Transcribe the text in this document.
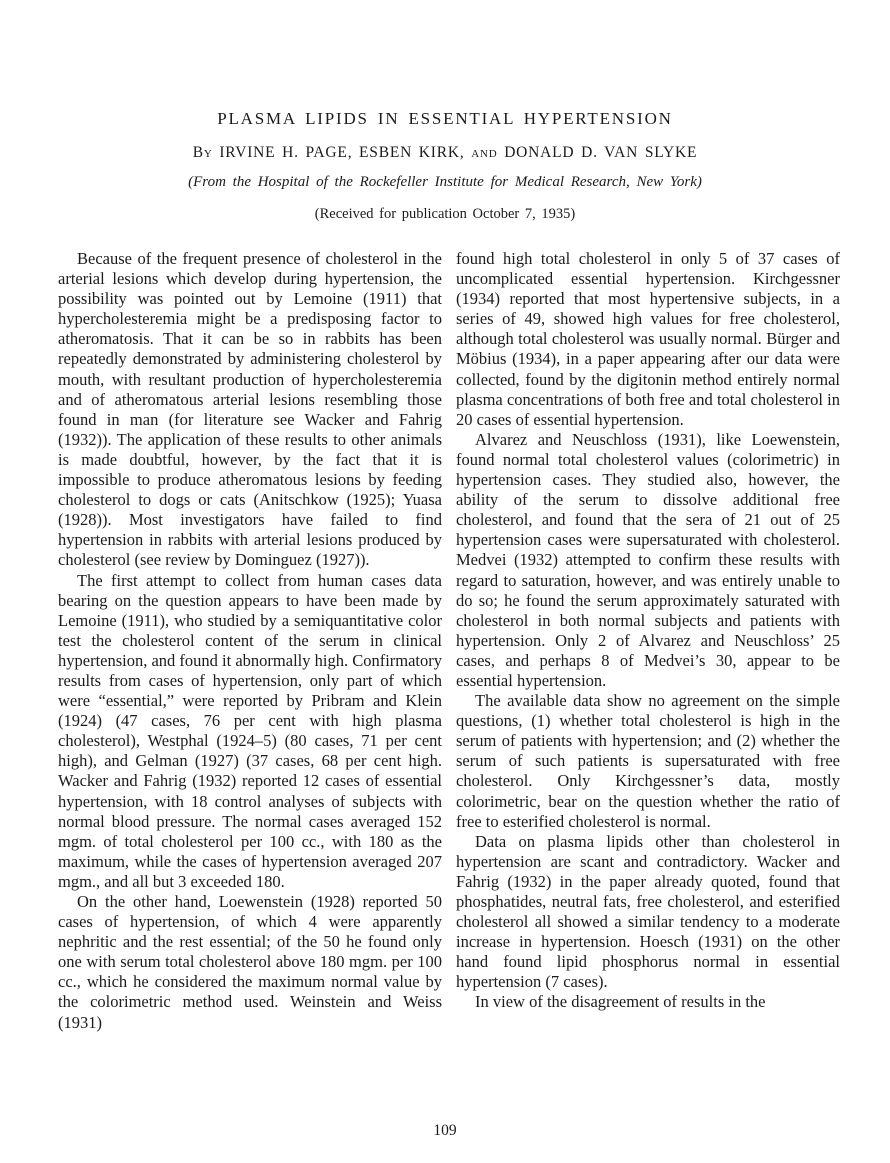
PLASMA LIPIDS IN ESSENTIAL HYPERTENSION
By IRVINE H. PAGE, ESBEN KIRK, and DONALD D. VAN SLYKE
(From the Hospital of the Rockefeller Institute for Medical Research, New York)
(Received for publication October 7, 1935)

Because of the frequent presence of cholesterol in the arterial lesions which develop during hypertension, the possibility was pointed out by Lemoine (1911) that hypercholesteremia might be a predisposing factor to atheromatosis. That it can be so in rabbits has been repeatedly demonstrated by administering cholesterol by mouth, with resultant production of hypercholesteremia and of atheromatous arterial lesions resembling those found in man (for literature see Wacker and Fahrig (1932)). The application of these results to other animals is made doubtful, however, by the fact that it is impossible to produce atheromatous lesions by feeding cholesterol to dogs or cats (Anitschkow (1925); Yuasa (1928)). Most investigators have failed to find hypertension in rabbits with arterial lesions produced by cholesterol (see review by Dominguez (1927)).

The first attempt to collect from human cases data bearing on the question appears to have been made by Lemoine (1911), who studied by a semiquantitative color test the cholesterol content of the serum in clinical hypertension, and found it abnormally high. Confirmatory results from cases of hypertension, only part of which were “essential,” were reported by Pribram and Klein (1924) (47 cases, 76 per cent with high plasma cholesterol), Westphal (1924–5) (80 cases, 71 per cent high), and Gelman (1927) (37 cases, 68 per cent high. Wacker and Fahrig (1932) reported 12 cases of essential hypertension, with 18 control analyses of subjects with normal blood pressure. The normal cases averaged 152 mgm. of total cholesterol per 100 cc., with 180 as the maximum, while the cases of hypertension averaged 207 mgm., and all but 3 exceeded 180.

On the other hand, Loewenstein (1928) reported 50 cases of hypertension, of which 4 were apparently nephritic and the rest essential; of the 50 he found only one with serum total cholesterol above 180 mgm. per 100 cc., which he considered the maximum normal value by the colorimetric method used. Weinstein and Weiss (1931)

found high total cholesterol in only 5 of 37 cases of uncomplicated essential hypertension. Kirchgessner (1934) reported that most hypertensive subjects, in a series of 49, showed high values for free cholesterol, although total cholesterol was usually normal. Bürger and Möbius (1934), in a paper appearing after our data were collected, found by the digitonin method entirely normal plasma concentrations of both free and total cholesterol in 20 cases of essential hypertension.

Alvarez and Neuschloss (1931), like Loewenstein, found normal total cholesterol values (colorimetric) in hypertension cases. They studied also, however, the ability of the serum to dissolve additional free cholesterol, and found that the sera of 21 out of 25 hypertension cases were supersaturated with cholesterol. Medvei (1932) attempted to confirm these results with regard to saturation, however, and was entirely unable to do so; he found the serum approximately saturated with cholesterol in both normal subjects and patients with hypertension. Only 2 of Alvarez and Neuschloss’ 25 cases, and perhaps 8 of Medvei’s 30, appear to be essential hypertension.

The available data show no agreement on the simple questions, (1) whether total cholesterol is high in the serum of patients with hypertension; and (2) whether the serum of such patients is supersaturated with free cholesterol. Only Kirchgessner’s data, mostly colorimetric, bear on the question whether the ratio of free to esterified cholesterol is normal.

Data on plasma lipids other than cholesterol in hypertension are scant and contradictory. Wacker and Fahrig (1932) in the paper already quoted, found that phosphatides, neutral fats, free cholesterol, and esterified cholesterol all showed a similar tendency to a moderate increase in hypertension. Hoesch (1931) on the other hand found lipid phosphorus normal in essential hypertension (7 cases).

In view of the disagreement of results in the

109
